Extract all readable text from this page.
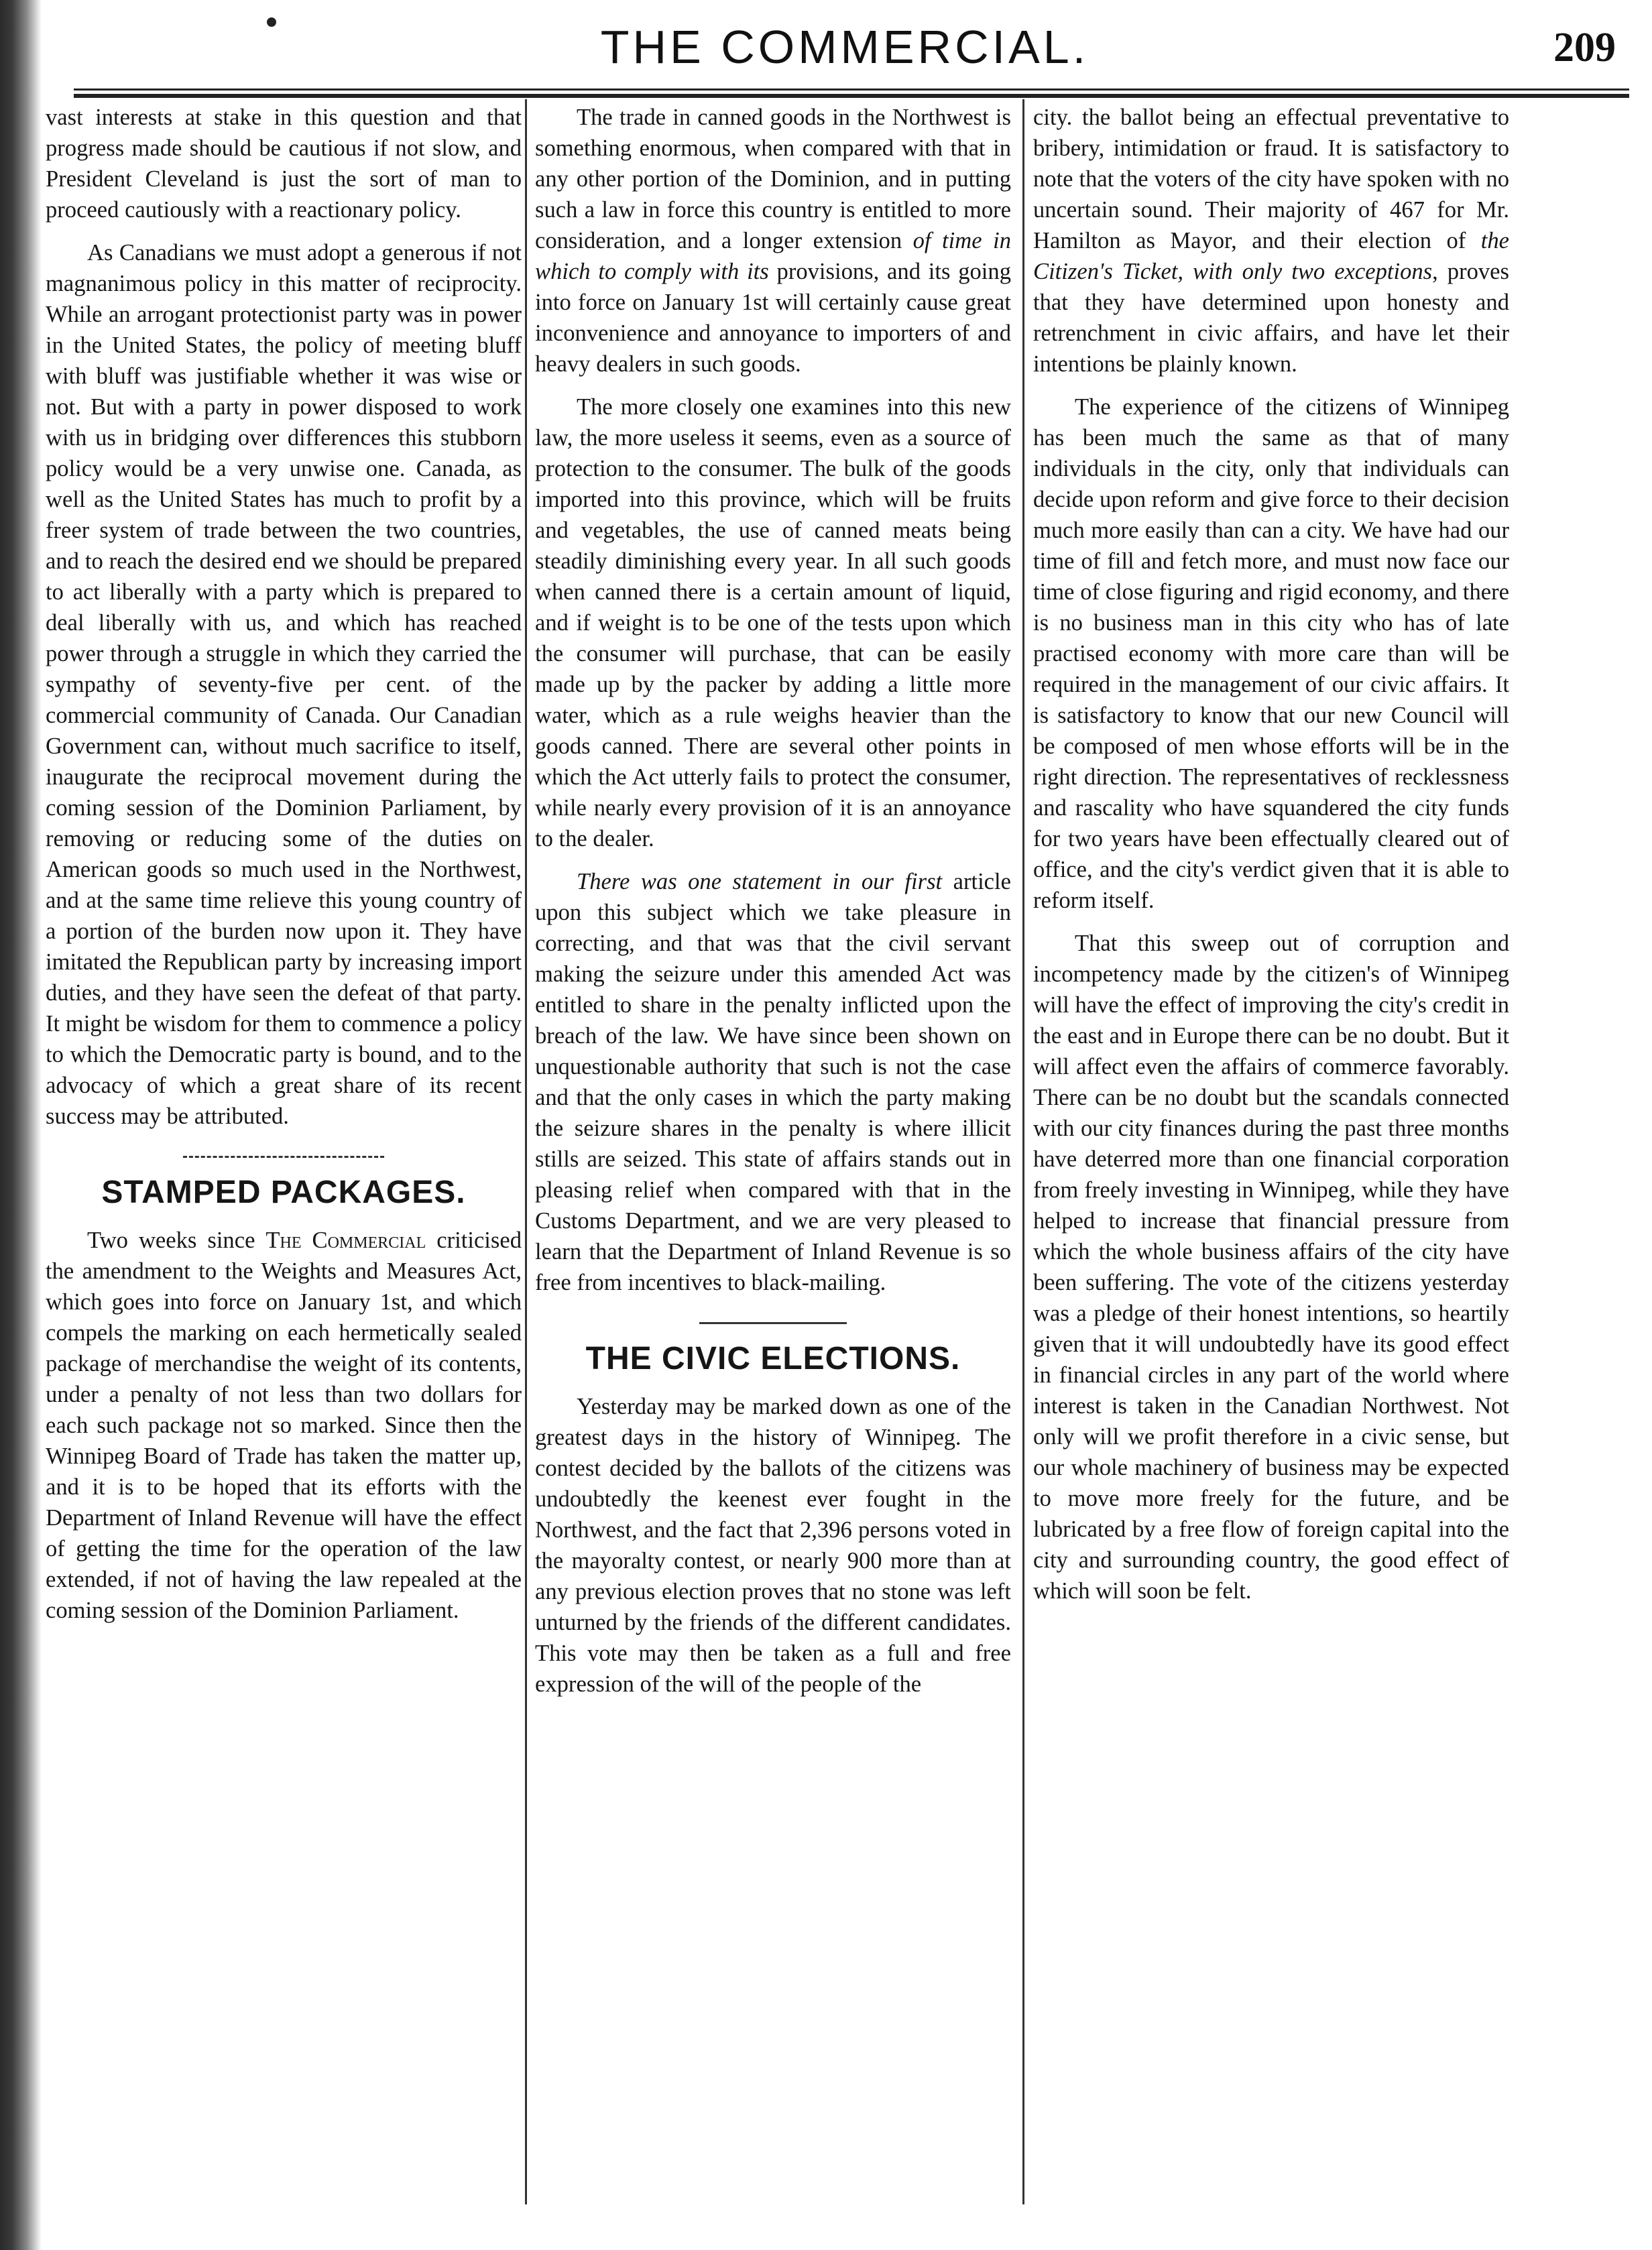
THE COMMERCIAL.	209

vast interests at stake in this question and that progress made should be cautious if not slow, and President Cleveland is just the sort of man to proceed cautiously with a reactionary policy.

As Canadians we must adopt a generous if not magnanimous policy in this matter of reciprocity. While an arrogant protectionist party was in power in the United States, the policy of meeting bluff with bluff was justifiable whether it was wise or not. But with a party in power disposed to work with us in bridging over differences this stubborn policy would be a very unwise one. Canada, as well as the United States has much to profit by a freer system of trade between the two countries, and to reach the desired end we should be prepared to act liberally with a party which is prepared to deal liberally with us, and which has reached power through a struggle in which they carried the sympathy of seventy-five per cent. of the commercial community of Canada. Our Canadian Government can, without much sacrifice to itself, inaugurate the reciprocal movement during the coming session of the Dominion Parliament, by removing or reducing some of the duties on American goods so much used in the Northwest, and at the same time relieve this young country of a portion of the burden now upon it. They have imitated the Republican party by increasing import duties, and they have seen the defeat of that party. It might be wisdom for them to commence a policy to which the Democratic party is bound, and to the advocacy of which a great share of its recent success may be attributed.

STAMPED PACKAGES.

Two weeks since The Commercial criticised the amendment to the Weights and Measures Act, which goes into force on January 1st, and which compels the marking on each hermetically sealed package of merchandise the weight of its contents, under a penalty of not less than two dollars for each such package not so marked. Since then the Winnipeg Board of Trade has taken the matter up, and it is to be hoped that its efforts with the Department of Inland Revenue will have the effect of getting the time for the operation of the law extended, if not of having the law repealed at the coming session of the Dominion Parliament.

The trade in canned goods in the Northwest is something enormous, when compared with that in any other portion of the Dominion, and in putting such a law in force this country is entitled to more consideration, and a longer extension of time in which to comply with its provisions, and its going into force on January 1st will certainly cause great inconvenience and annoyance to importers of and heavy dealers in such goods.

The more closely one examines into this new law, the more useless it seems, even as a source of protection to the consumer. The bulk of the goods imported into this province, which will be fruits and vegetables, the use of canned meats being steadily diminishing every year. In all such goods when canned there is a certain amount of liquid, and if weight is to be one of the tests upon which the consumer will purchase, that can be easily made up by the packer by adding a little more water, which as a rule weighs heavier than the goods canned. There are several other points in which the Act utterly fails to protect the consumer, while nearly every provision of it is an annoyance to the dealer.

There was one statement in our first article upon this subject which we take pleasure in correcting, and that was that the civil servant making the seizure under this amended Act was entitled to share in the penalty inflicted upon the breach of the law. We have since been shown on unquestionable authority that such is not the case and that the only cases in which the party making the seizure shares in the penalty is where illicit stills are seized. This state of affairs stands out in pleasing relief when compared with that in the Customs Department, and we are very pleased to learn that the Department of Inland Revenue is so free from incentives to black-mailing.

THE CIVIC ELECTIONS.

Yesterday may be marked down as one of the greatest days in the history of Winnipeg. The contest decided by the ballots of the citizens was undoubtedly the keenest ever fought in the Northwest, and the fact that 2,396 persons voted in the mayoralty contest, or nearly 900 more than at any previous election proves that no stone was left unturned by the friends of the different candidates. This vote may then be taken as a full and free expression of the will of the people of the

city. the ballot being an effectual preventative to bribery, intimidation or fraud. It is satisfactory to note that the voters of the city have spoken with no uncertain sound. Their majority of 467 for Mr. Hamilton as Mayor, and their election of the Citizen's Ticket, with only two exceptions, proves that they have determined upon honesty and retrenchment in civic affairs, and have let their intentions be plainly known.

The experience of the citizens of Winnipeg has been much the same as that of many individuals in the city, only that individuals can decide upon reform and give force to their decision much more easily than can a city. We have had our time of fill and fetch more, and must now face our time of close figuring and rigid economy, and there is no business man in this city who has of late practised economy with more care than will be required in the management of our civic affairs. It is satisfactory to know that our new Council will be composed of men whose efforts will be in the right direction. The representatives of recklessness and rascality who have squandered the city funds for two years have been effectually cleared out of office, and the city's verdict given that it is able to reform itself.

That this sweep out of corruption and incompetency made by the citizen's of Winnipeg will have the effect of improving the city's credit in the east and in Europe there can be no doubt. But it will affect even the affairs of commerce favorably. There can be no doubt but the scandals connected with our city finances during the past three months have deterred more than one financial corporation from freely investing in Winnipeg, while they have helped to increase that financial pressure from which the whole business affairs of the city have been suffering. The vote of the citizens yesterday was a pledge of their honest intentions, so heartily given that it will undoubtedly have its good effect in financial circles in any part of the world where interest is taken in the Canadian Northwest. Not only will we profit therefore in a civic sense, but our whole machinery of business may be expected to move more freely for the future, and be lubricated by a free flow of foreign capital into the city and surrounding country, the good effect of which will soon be felt.
